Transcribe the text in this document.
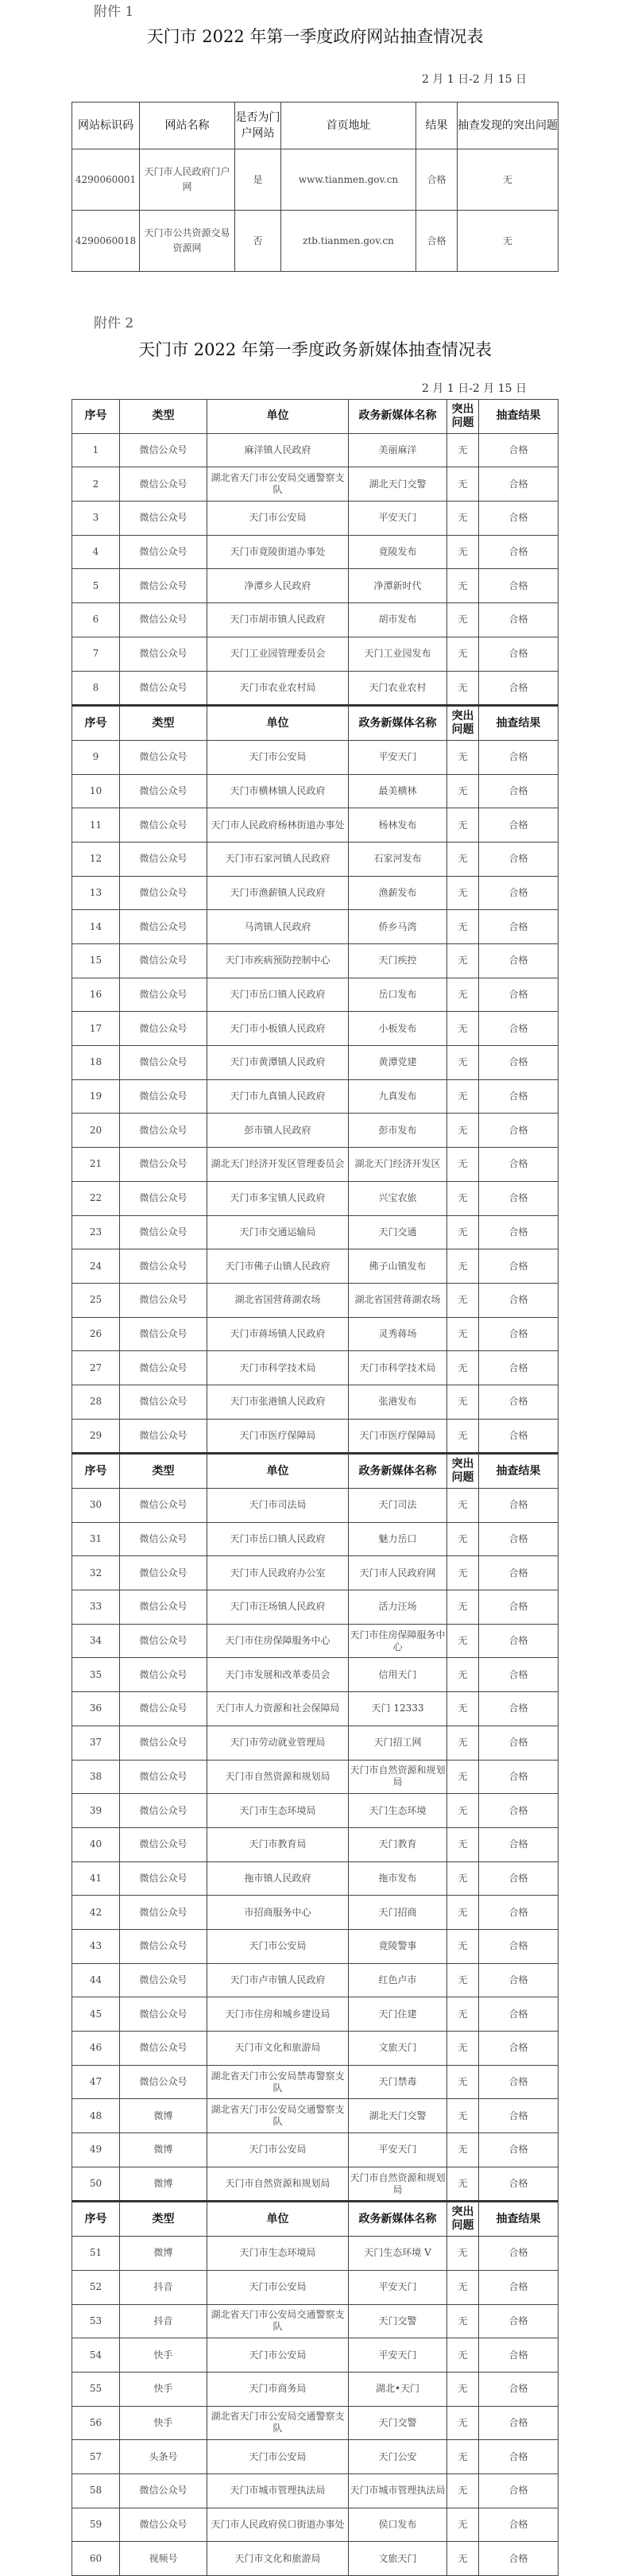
附件 1
天门市 2022 年第一季度政府网站抽查情况表
2 月 1 日-2 月 15 日
网站标识码	网站名称	是否为门户网站	首页地址	结果	抽查发现的突出问题
4290060001	天门市人民政府门户网	是	www.tianmen.gov.cn	合格	无
4290060018	天门市公共资源交易资源网	否	ztb.tianmen.gov.cn	合格	无
附件 2
天门市 2022 年第一季度政务新媒体抽查情况表
2 月 1 日-2 月 15 日
序号	类型	单位	政务新媒体名称	突出问题	抽查结果
1	微信公众号	麻洋镇人民政府	美丽麻洋	无	合格
2	微信公众号	湖北省天门市公安局交通警察支队	湖北天门交警	无	合格
3	微信公众号	天门市公安局	平安天门	无	合格
4	微信公众号	天门市竟陵街道办事处	竟陵发布	无	合格
5	微信公众号	净潭乡人民政府	净潭新时代	无	合格
6	微信公众号	天门市胡市镇人民政府	胡市发布	无	合格
7	微信公众号	天门工业园管理委员会	天门工业园发布	无	合格
8	微信公众号	天门市农业农村局	天门农业农村	无	合格
序号	类型	单位	政务新媒体名称	突出问题	抽查结果
9	微信公众号	天门市公安局	平安天门	无	合格
10	微信公众号	天门市横林镇人民政府	最美横林	无	合格
11	微信公众号	天门市人民政府杨林街道办事处	杨林发布	无	合格
12	微信公众号	天门市石家河镇人民政府	石家河发布	无	合格
13	微信公众号	天门市渔薪镇人民政府	渔薪发布	无	合格
14	微信公众号	马湾镇人民政府	侨乡马湾	无	合格
15	微信公众号	天门市疾病预防控制中心	天门疾控	无	合格
16	微信公众号	天门市岳口镇人民政府	岳口发布	无	合格
17	微信公众号	天门市小板镇人民政府	小板发布	无	合格
18	微信公众号	天门市黄潭镇人民政府	黄潭党建	无	合格
19	微信公众号	天门市九真镇人民政府	九真发布	无	合格
20	微信公众号	彭市镇人民政府	彭市发布	无	合格
21	微信公众号	湖北天门经济开发区管理委员会	湖北天门经济开发区	无	合格
22	微信公众号	天门市多宝镇人民政府	兴宝农旅	无	合格
23	微信公众号	天门市交通运输局	天门交通	无	合格
24	微信公众号	天门市佛子山镇人民政府	佛子山镇发布	无	合格
25	微信公众号	湖北省国营蒋湖农场	湖北省国营蒋湖农场	无	合格
26	微信公众号	天门市蒋场镇人民政府	灵秀蒋场	无	合格
27	微信公众号	天门市科学技术局	天门市科学技术局	无	合格
28	微信公众号	天门市张港镇人民政府	张港发布	无	合格
29	微信公众号	天门市医疗保障局	天门市医疗保障局	无	合格
序号	类型	单位	政务新媒体名称	突出问题	抽查结果
30	微信公众号	天门市司法局	天门司法	无	合格
31	微信公众号	天门市岳口镇人民政府	魅力岳口	无	合格
32	微信公众号	天门市人民政府办公室	天门市人民政府网	无	合格
33	微信公众号	天门市汪场镇人民政府	活力汪场	无	合格
34	微信公众号	天门市住房保障服务中心	天门市住房保障服务中心	无	合格
35	微信公众号	天门市发展和改革委员会	信用天门	无	合格
36	微信公众号	天门市人力资源和社会保障局	天门 12333	无	合格
37	微信公众号	天门市劳动就业管理局	天门招工网	无	合格
38	微信公众号	天门市自然资源和规划局	天门市自然资源和规划局	无	合格
39	微信公众号	天门市生态环境局	天门生态环境	无	合格
40	微信公众号	天门市教育局	天门教育	无	合格
41	微信公众号	拖市镇人民政府	拖市发布	无	合格
42	微信公众号	市招商服务中心	天门招商	无	合格
43	微信公众号	天门市公安局	竟陵警事	无	合格
44	微信公众号	天门市卢市镇人民政府	红色卢市	无	合格
45	微信公众号	天门市住房和城乡建设局	天门住建	无	合格
46	微信公众号	天门市文化和旅游局	文旅天门	无	合格
47	微信公众号	湖北省天门市公安局禁毒警察支队	天门禁毒	无	合格
48	微博	湖北省天门市公安局交通警察支队	湖北天门交警	无	合格
49	微博	天门市公安局	平安天门	无	合格
50	微博	天门市自然资源和规划局	天门市自然资源和规划局	无	合格
序号	类型	单位	政务新媒体名称	突出问题	抽查结果
51	微博	天门市生态环境局	天门生态环境 V	无	合格
52	抖音	天门市公安局	平安天门	无	合格
53	抖音	湖北省天门市公安局交通警察支队	天门交警	无	合格
54	快手	天门市公安局	平安天门	无	合格
55	快手	天门市商务局	湖北•天门	无	合格
56	快手	湖北省天门市公安局交通警察支队	天门交警	无	合格
57	头条号	天门市公安局	天门公安	无	合格
58	微信公众号	天门市城市管理执法局	天门市城市管理执法局	无	合格
59	微信公众号	天门市人民政府侯口街道办事处	侯口发布	无	合格
60	视频号	天门市文化和旅游局	文旅天门	无	合格
